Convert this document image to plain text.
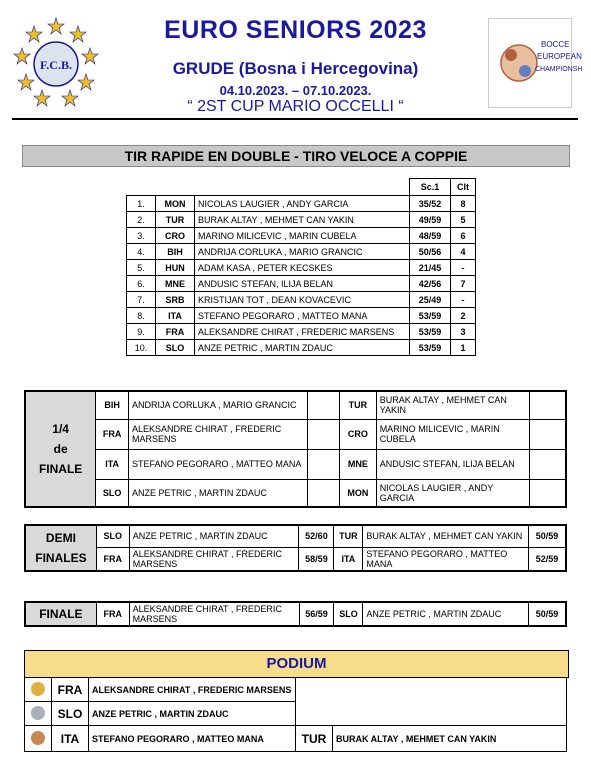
F.C.B.
EURO SENIORS 2023
GRUDE (Bosna i Hercegovina)
04.10.2023. – 07.10.2023.
“ 2ST CUP MARIO OCCELLI “
BOCCE
EUROPEAN
CHAMPIONSH
TIR RAPIDE EN DOUBLE - TIRO VELOCE A COPPIE
			Sc.1	Clt
1.	MON	NICOLAS LAUGIER , ANDY GARCIA	35/52	8
2.	TUR	BURAK ALTAY , MEHMET CAN YAKIN	49/59	5
3.	CRO	MARINO MILICEVIC , MARIN CUBELA	48/59	6
4.	BIH	ANDRIJA CORLUKA , MARIO GRANCIC	50/56	4
5.	HUN	ADAM KASA , PETER KECSKES	21/45	-
6.	MNE	ANDUSIC STEFAN, ILIJA BELAN	42/56	7
7.	SRB	KRISTIJAN TOT , DEAN KOVACEVIC	25/49	-
8.	ITA	STEFANO PEGORARO , MATTEO MANA	53/59	2
9.	FRA	ALEKSANDRE CHIRAT , FREDERIC MARSENS	53/59	3
10.	SLO	ANZE PETRIC , MARTIN ZDAUC	53/59	1
1/4
de
FINALE	BIH	ANDRIJA CORLUKA , MARIO GRANCIC		TUR	BURAK ALTAY , MEHMET CAN YAKIN	
	FRA	ALEKSANDRE CHIRAT , FREDERIC MARSENS		CRO	MARINO MILICEVIC , MARIN CUBELA	
	ITA	STEFANO PEGORARO , MATTEO MANA		MNE	ANDUSIC STEFAN, ILIJA BELAN	
	SLO	ANZE PETRIC , MARTIN ZDAUC		MON	NICOLAS LAUGIER , ANDY GARCIA	
DEMI
FINALES	SLO	ANZE PETRIC , MARTIN ZDAUC	52/60	TUR	BURAK ALTAY , MEHMET CAN YAKIN	50/59
	FRA	ALEKSANDRE CHIRAT , FREDERIC MARSENS	58/59	ITA	STEFANO PEGORARO , MATTEO MANA	52/59
FINALE	FRA	ALEKSANDRE CHIRAT , FREDERIC MARSENS	56/59	SLO	ANZE PETRIC , MARTIN ZDAUC	50/59
PODIUM
	FRA	ALEKSANDRE CHIRAT , FREDERIC MARSENS		
	SLO	ANZE PETRIC , MARTIN ZDAUC		
	ITA	STEFANO PEGORARO , MATTEO MANA	TUR	BURAK ALTAY , MEHMET CAN YAKIN
